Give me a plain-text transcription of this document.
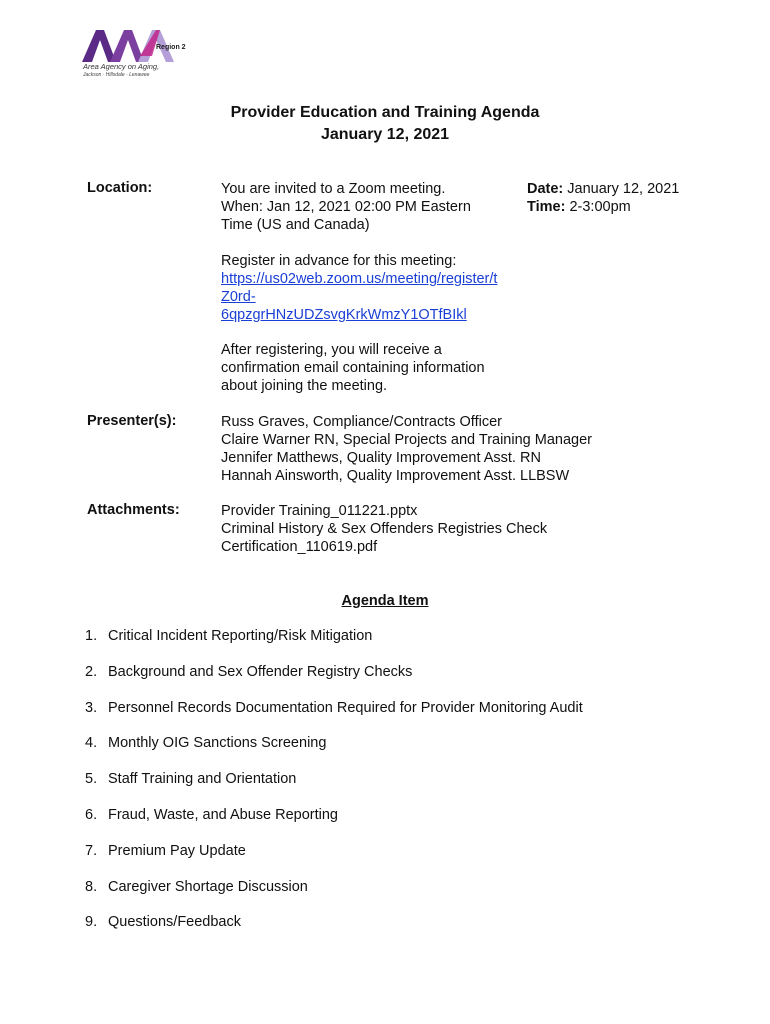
Region 2
Area Agency on Aging,
Jackson · Hillsdale · Lenawee
Provider Education and Training Agenda
January 12, 2021
Location:	You are invited to a Zoom meeting.
When: Jan 12, 2021 02:00 PM Eastern
Time (US and Canada)
Date: January 12, 2021
Time: 2-3:00pm
Register in advance for this meeting:
https://us02web.zoom.us/meeting/register/t
Z0rd-
6qpzgrHNzUDZsvgKrkWmzY1OTfBIkl
After registering, you will receive a
confirmation email containing information
about joining the meeting.
Presenter(s):	Russ Graves, Compliance/Contracts Officer
Claire Warner RN, Special Projects and Training Manager
Jennifer Matthews, Quality Improvement Asst. RN
Hannah Ainsworth, Quality Improvement Asst. LLBSW
Attachments:	Provider Training_011221.pptx
Criminal History & Sex Offenders Registries Check
Certification_110619.pdf
Agenda Item
1. Critical Incident Reporting/Risk Mitigation
2. Background and Sex Offender Registry Checks
3. Personnel Records Documentation Required for Provider Monitoring Audit
4. Monthly OIG Sanctions Screening
5. Staff Training and Orientation
6. Fraud, Waste, and Abuse Reporting
7. Premium Pay Update
8. Caregiver Shortage Discussion
9. Questions/Feedback
